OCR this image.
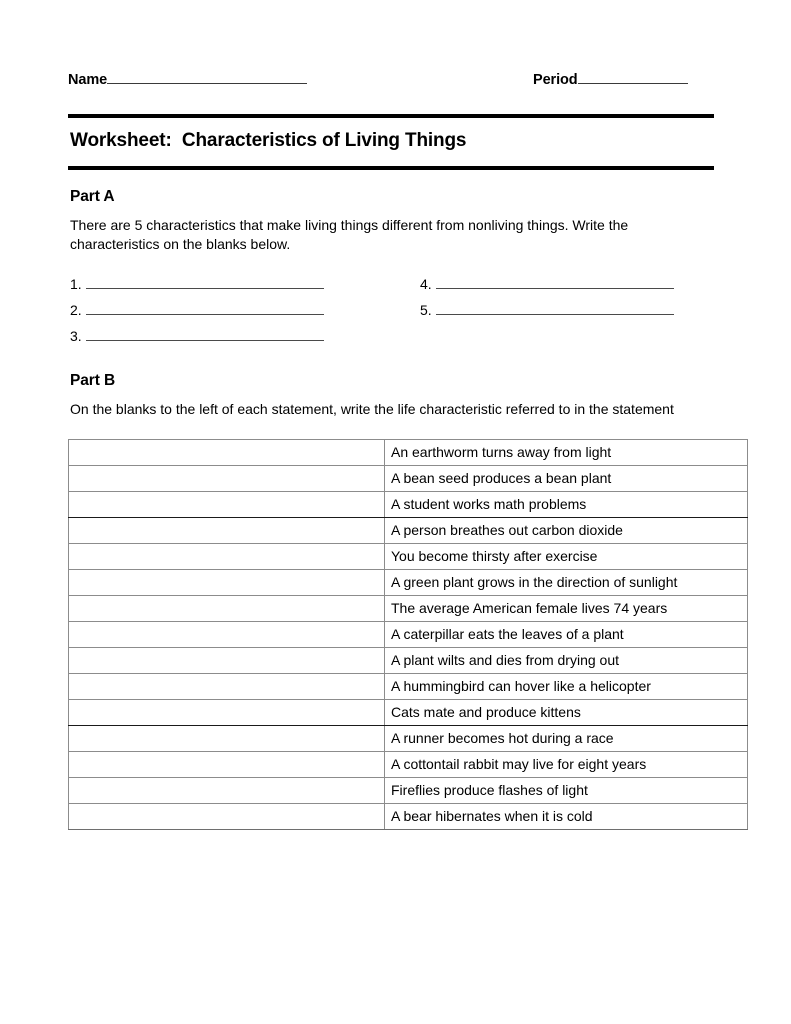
Name	Period
Worksheet:  Characteristics of Living Things
Part A
There are 5 characteristics that make living things different from nonliving things. Write the characteristics on the blanks below.
1.
2.
3.
4.
5.
Part B
On the blanks to the left of each statement, write the life characteristic referred to in the statement
	An earthworm turns away from light
	A bean seed produces a bean plant
	A student works math problems
	A person breathes out carbon dioxide
	You become thirsty after exercise
	A green plant grows in the direction of sunlight
	The average American female lives 74 years
	A caterpillar eats the leaves of a plant
	A plant wilts and dies from drying out
	A hummingbird can hover like a helicopter
	Cats mate and produce kittens
	A runner becomes hot during a race
	A cottontail rabbit may live for eight years
	Fireflies produce flashes of light
	A bear hibernates when it is cold
